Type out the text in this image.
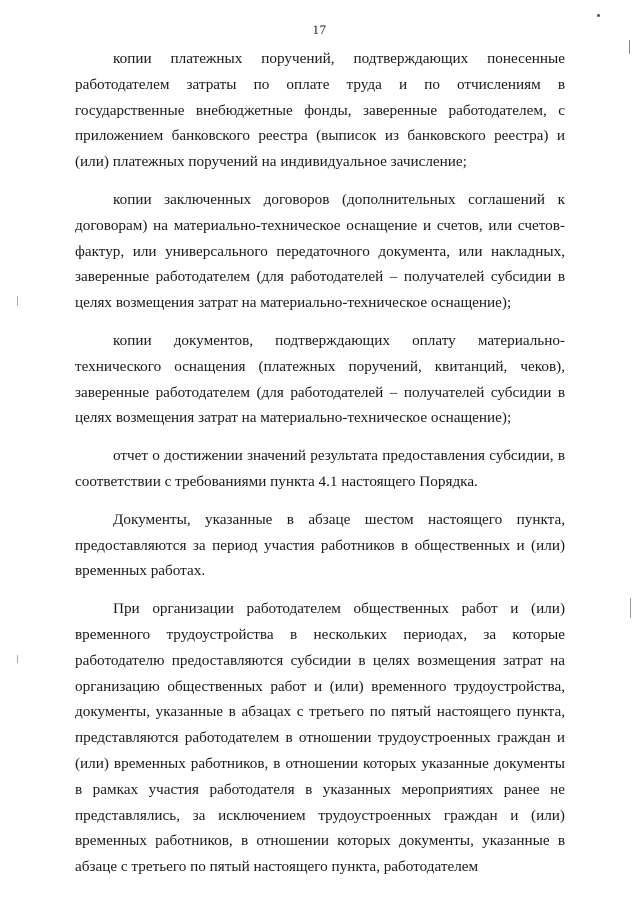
17

копии платежных поручений, подтверждающих понесенные работодателем затраты по оплате труда и по отчислениям в государственные внебюджетные фонды, заверенные работодателем, с приложением банковского реестра (выписок из банковского реестра) и (или) платежных поручений на индивидуальное зачисление;

копии заключенных договоров (дополнительных соглашений к договорам) на материально-техническое оснащение и счетов, или счетов-фактур, или универсального передаточного документа, или накладных, заверенные работодателем (для работодателей – получателей субсидии в целях возмещения затрат на материально-техническое оснащение);

копии документов, подтверждающих оплату материально-технического оснащения (платежных поручений, квитанций, чеков), заверенные работодателем (для работодателей – получателей субсидии в целях возмещения затрат на материально-техническое оснащение);

отчет о достижении значений результата предоставления субсидии, в соответствии с требованиями пункта 4.1 настоящего Порядка.

Документы, указанные в абзаце шестом настоящего пункта, предоставляются за период участия работников в общественных и (или) временных работах.

При организации работодателем общественных работ и (или) временного трудоустройства в нескольких периодах, за которые работодателю предоставляются субсидии в целях возмещения затрат на организацию общественных работ и (или) временного трудоустройства, документы, указанные в абзацах с третьего по пятый настоящего пункта, представляются работодателем в отношении трудоустроенных граждан и (или) временных работников, в отношении которых указанные документы в рамках участия работодателя в указанных мероприятиях ранее не представлялись, за исключением трудоустроенных граждан и (или) временных работников, в отношении которых документы, указанные в абзаце с третьего по пятый настоящего пункта, работодателем
